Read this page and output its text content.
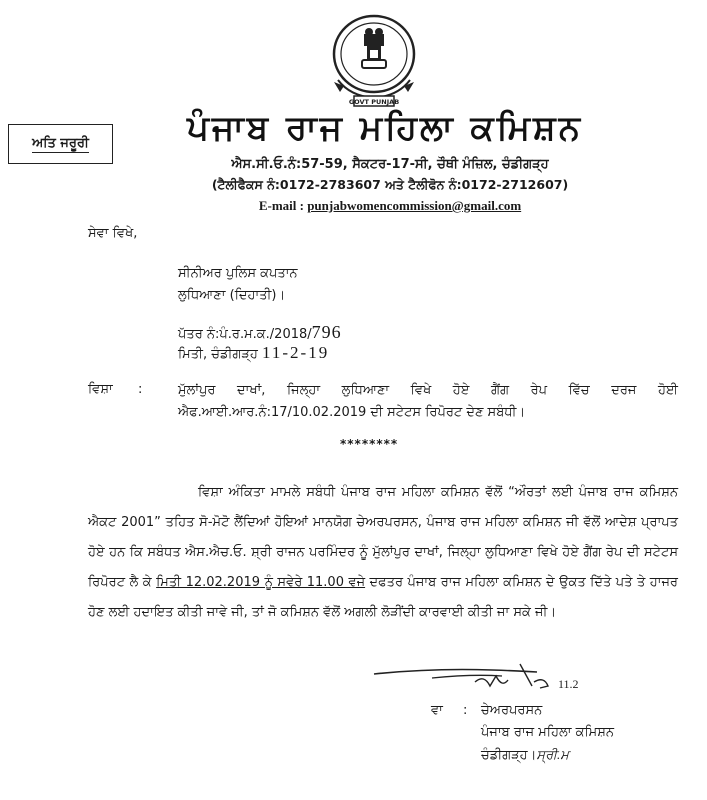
GOVT PUNJAB
ਅਤਿ ਜਰੂਰੀ	ਪੰਜਾਬ ਰਾਜ ਮਹਿਲਾ ਕਮਿਸ਼ਨ
ਐਸ.ਸੀ.ਓ.ਨੰ:57-59, ਸੈਕਟਰ-17-ਸੀ, ਚੌਥੀ ਮੰਜ਼ਿਲ, ਚੰਡੀਗੜ੍ਹ
(ਟੈਲੀਫੈਕਸ ਨੰ:0172-2783607 ਅਤੇ ਟੈਲੀਫੋਨ ਨੰ:0172-2712607)
E-mail : punjabwomencommission@gmail.com
ਸੇਵਾ ਵਿਖੇ,
ਸੀਨੀਅਰ ਪੁਲਿਸ ਕਪਤਾਨ
ਲੁਧਿਆਣਾ (ਦਿਹਾਤੀ)।
ਪੱਤਰ ਨੰ:ਪੰ.ਰ.ਮ.ਕ./2018/796
ਮਿਤੀ, ਚੰਡੀਗੜ੍ਹ 11-2-19
ਵਿਸ਼ਾ :	ਮੁੱਲਾਂਪੁਰ ਦਾਖਾਂ, ਜਿਲ੍ਹਾ ਲੁਧਿਆਣਾ ਵਿਖੇ ਹੋਏ ਗੈਂਗ ਰੇਪ ਵਿੱਚ ਦਰਜ ਹੋਈ ਐਫ.ਆਈ.ਆਰ.ਨੰ:17/10.02.2019 ਦੀ ਸਟੇਟਸ ਰਿਪੋਰਟ ਦੇਣ ਸਬੰਧੀ।
********
ਵਿਸ਼ਾ ਅੰਕਿਤਾ ਮਾਮਲੇ ਸਬੰਧੀ ਪੰਜਾਬ ਰਾਜ ਮਹਿਲਾ ਕਮਿਸ਼ਨ ਵੱਲੋਂ “ਔਰਤਾਂ ਲਈ ਪੰਜਾਬ ਰਾਜ ਕਮਿਸ਼ਨ ਐਕਟ 2001” ਤਹਿਤ ਸੋ-ਮੋਟੋ ਲੈਂਦਿਆਂ ਹੋਇਆਂ ਮਾਨਯੋਗ ਚੇਅਰਪਰਸਨ, ਪੰਜਾਬ ਰਾਜ ਮਹਿਲਾ ਕਮਿਸ਼ਨ ਜੀ ਵੱਲੋਂ ਆਦੇਸ਼ ਪ੍ਰਾਪਤ ਹੋਏ ਹਨ ਕਿ ਸਬੰਧਤ ਐਸ.ਐਚ.ਓ. ਸ਼੍ਰੀ ਰਾਜਨ ਪਰਮਿੰਦਰ ਨੂੰ ਮੁੱਲਾਂਪੁਰ ਦਾਖਾਂ, ਜਿਲ੍ਹਾ ਲੁਧਿਆਣਾ ਵਿਖੇ ਹੋਏ ਗੈਂਗ ਰੇਪ ਦੀ ਸਟੇਟਸ ਰਿਪੋਰਟ ਲੈ ਕੇ ਮਿਤੀ 12.02.2019 ਨੂੰ ਸਵੇਰੇ 11.00 ਵਜੇ ਦਫਤਰ ਪੰਜਾਬ ਰਾਜ ਮਹਿਲਾ ਕਮਿਸ਼ਨ ਦੇ ਉਕਤ ਦਿੱਤੇ ਪਤੇ ਤੇ ਹਾਜਰ ਹੋਣ ਲਈ ਹਦਾਇਤ ਕੀਤੀ ਜਾਵੇ ਜੀ, ਤਾਂ ਜੋ ਕਮਿਸ਼ਨ ਵੱਲੋਂ ਅਗਲੀ ਲੋੜੀਂਦੀ ਕਾਰਵਾਈ ਕੀਤੀ ਜਾ ਸਕੇ ਜੀ।
11.2
ਵਾ : ਚੇਅਰਪਰਸਨ
ਪੰਜਾਬ ਰਾਜ ਮਹਿਲਾ ਕਮਿਸ਼ਨ
ਚੰਡੀਗੜ੍ਹ।ਸ੍ਰੀ.ਮ
